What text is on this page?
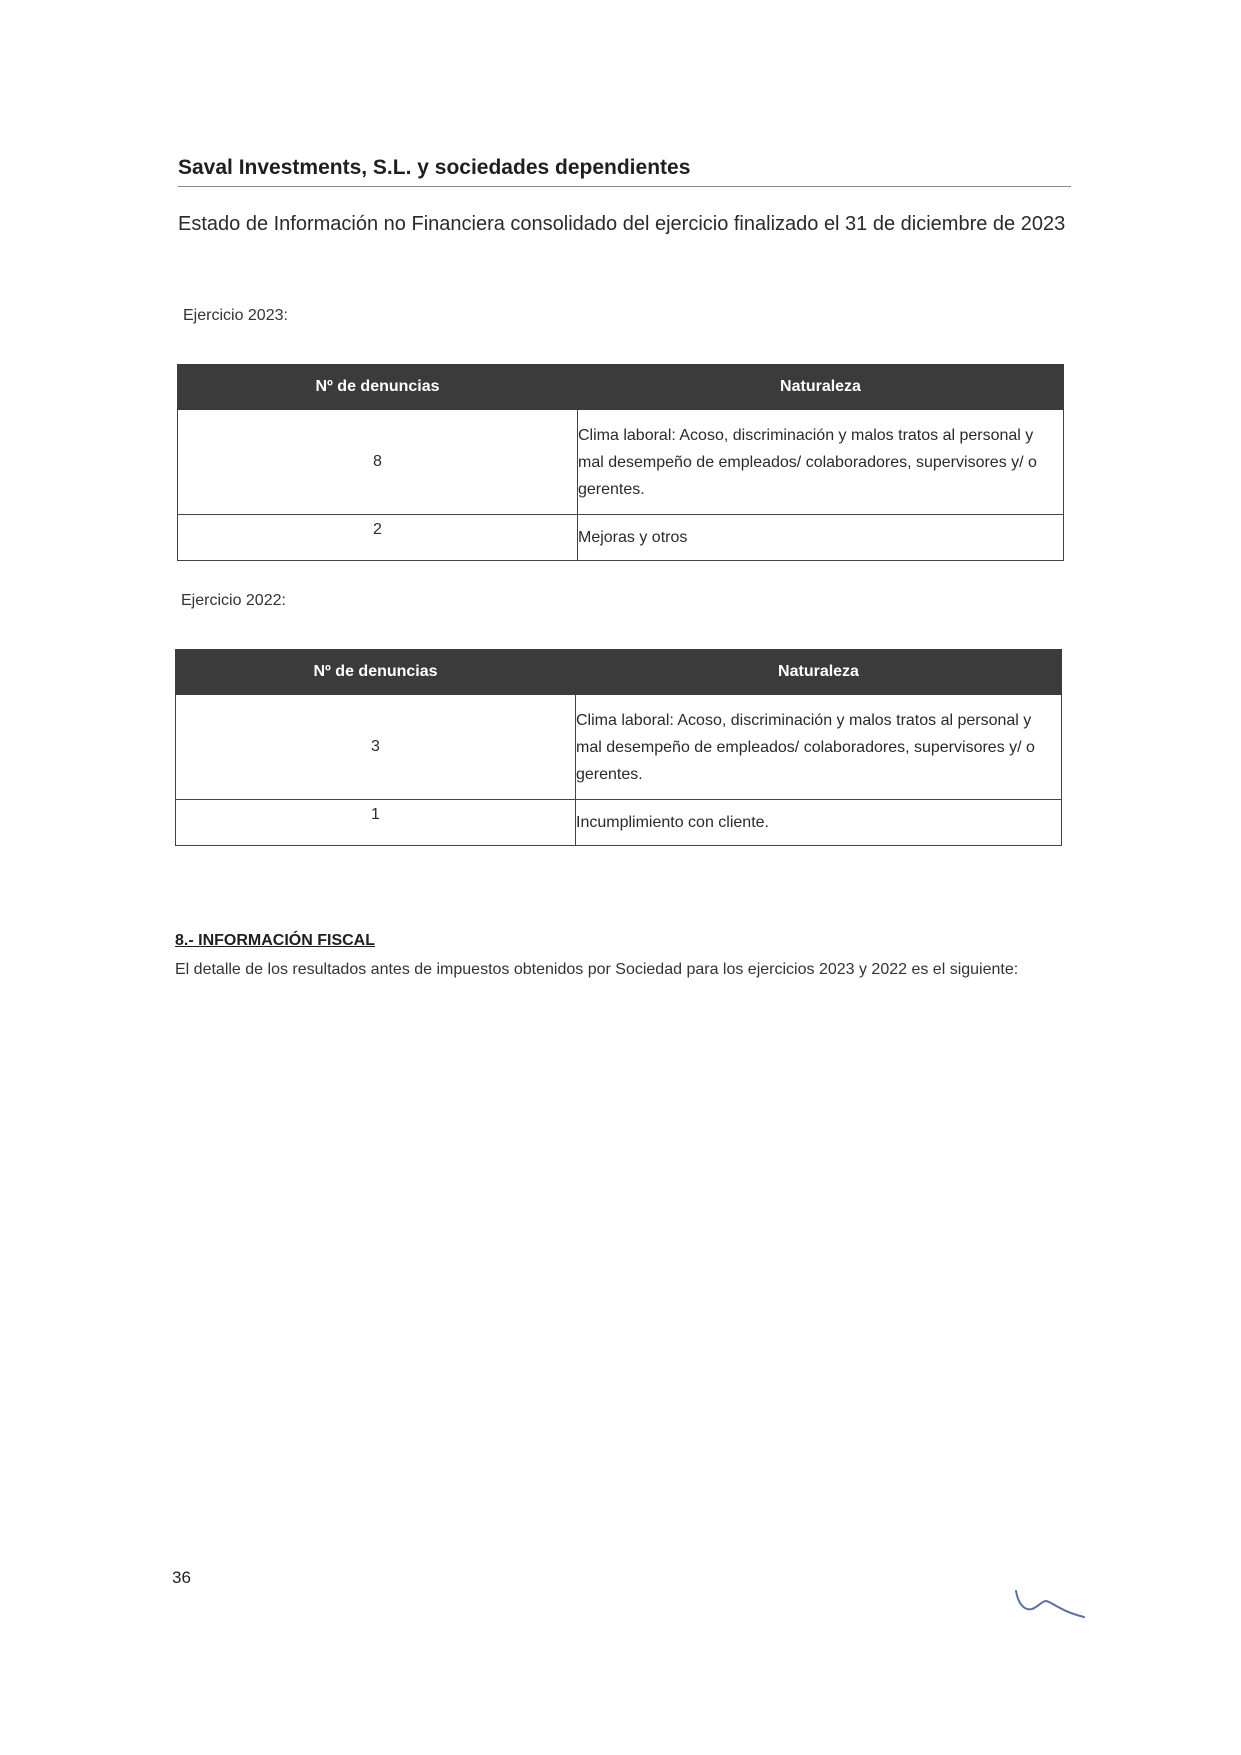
Saval Investments, S.L. y sociedades dependientes
Estado de Información no Financiera consolidado del ejercicio finalizado el 31 de diciembre de 2023
Ejercicio 2023:
Nº de denuncias	Naturaleza
8	Clima laboral: Acoso, discriminación y malos tratos al personal y mal desempeño de empleados/ colaboradores, supervisores y/ o gerentes.
2	Mejoras y otros
Ejercicio 2022:
Nº de denuncias	Naturaleza
3	Clima laboral: Acoso, discriminación y malos tratos al personal y mal desempeño de empleados/ colaboradores, supervisores y/ o gerentes.
1	Incumplimiento con cliente.
8.- INFORMACIÓN FISCAL
El detalle de los resultados antes de impuestos obtenidos por Sociedad para los ejercicios 2023 y 2022 es el siguiente:
36
